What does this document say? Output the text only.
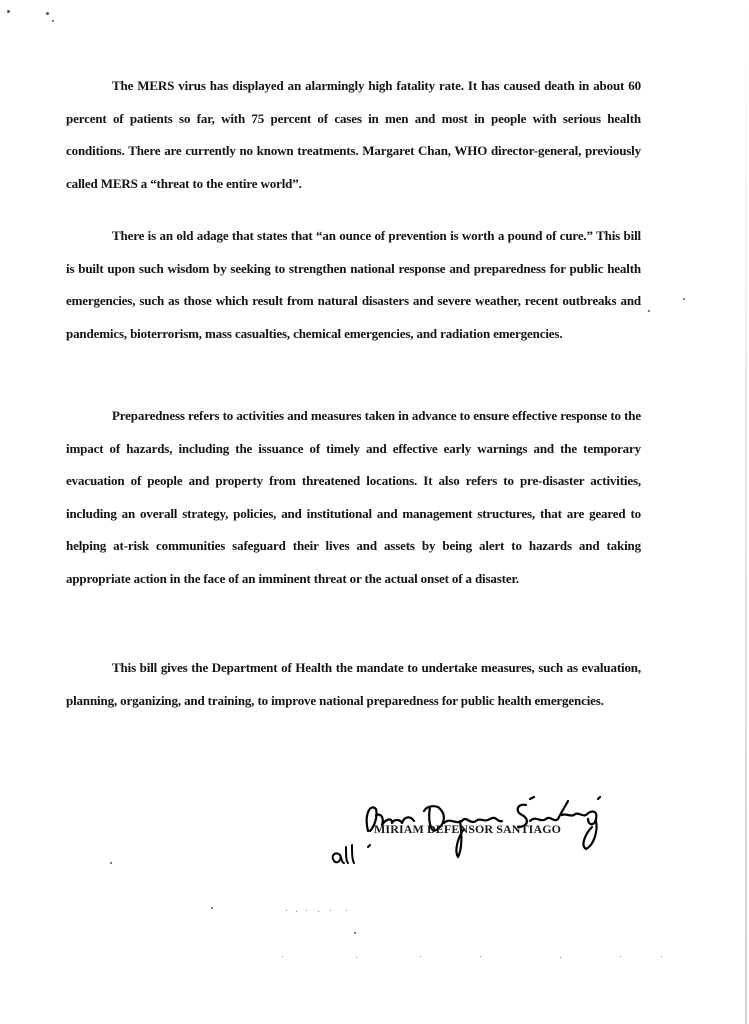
The MERS virus has displayed an alarmingly high fatality rate. It has caused death in about 60 percent of patients so far, with 75 percent of cases in men and most in people with serious health conditions. There are currently no known treatments. Margaret Chan, WHO director-general, previously called MERS a “threat to the entire world”.

There is an old adage that states that “an ounce of prevention is worth a pound of cure.” This bill is built upon such wisdom by seeking to strengthen national response and preparedness for public health emergencies, such as those which result from natural disasters and severe weather, recent outbreaks and pandemics, bioterrorism, mass casualties, chemical emergencies, and radiation emergencies.

Preparedness refers to activities and measures taken in advance to ensure effective response to the impact of hazards, including the issuance of timely and effective early warnings and the temporary evacuation of people and property from threatened locations. It also refers to pre-disaster activities, including an overall strategy, policies, and institutional and management structures, that are geared to helping at-risk communities safeguard their lives and assets by being alert to hazards and taking appropriate action in the face of an imminent threat or the actual onset of a disaster.

This bill gives the Department of Health the mandate to undertake measures, such as evaluation, planning, organizing, and training, to improve national preparedness for public health emergencies.

MIRIAM DEFENSOR SANTIAGO
